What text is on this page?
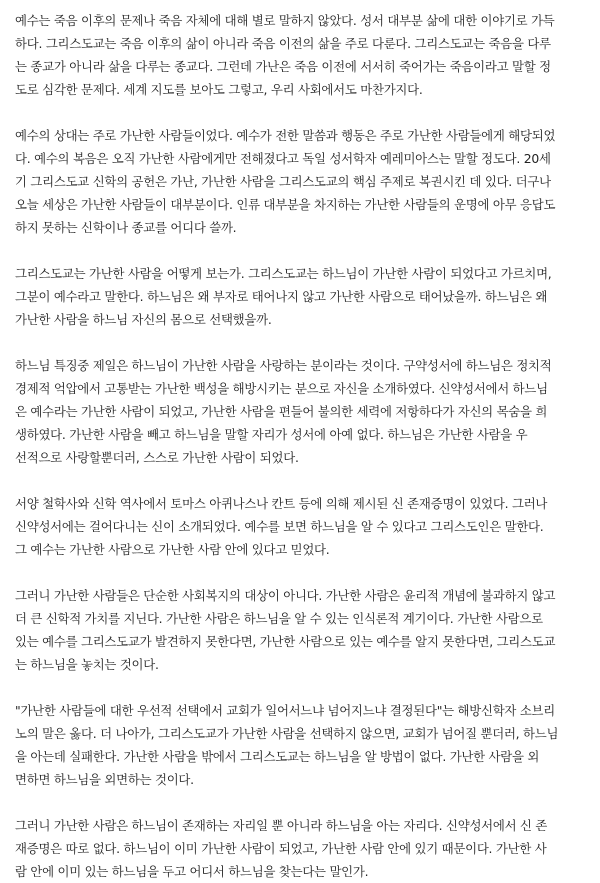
예수는 죽음 이후의 문제나 죽음 자체에 대해 별로 말하지 않았다. 성서 대부분 삶에 대한 이야기로 가득
하다. 그리스도교는 죽음 이후의 삶이 아니라 죽음 이전의 삶을 주로 다룬다. 그리스도교는 죽음을 다루
는 종교가 아니라 삶을 다루는 종교다. 그런데 가난은 죽음 이전에 서서히 죽어가는 죽음이라고 말할 정
도로 심각한 문제다. 세계 지도를 보아도 그렇고, 우리 사회에서도 마찬가지다.
예수의 상대는 주로 가난한 사람들이었다. 예수가 전한 말씀과 행동은 주로 가난한 사람들에게 해당되었
다. 예수의 복음은 오직 가난한 사람에게만 전해졌다고 독일 성서학자 예레미아스는 말할 정도다. 20세
기 그리스도교 신학의 공헌은 가난, 가난한 사람을 그리스도교의 핵심 주제로 복권시킨 데 있다. 더구나
오늘 세상은 가난한 사람들이 대부분이다. 인류 대부분을 차지하는 가난한 사람들의 운명에 아무 응답도
하지 못하는 신학이나 종교를 어디다 쓸까.
그리스도교는 가난한 사람을 어떻게 보는가. 그리스도교는 하느님이 가난한 사람이 되었다고 가르치며,
그분이 예수라고 말한다. 하느님은 왜 부자로 태어나지 않고 가난한 사람으로 태어났을까. 하느님은 왜
가난한 사람을 하느님 자신의 몸으로 선택했을까.
하느님 특징중 제일은 하느님이 가난한 사람을 사랑하는 분이라는 것이다. 구약성서에 하느님은 정치적
경제적 억압에서 고통받는 가난한 백성을 해방시키는 분으로 자신을 소개하였다. 신약성서에서 하느님
은 예수라는 가난한 사람이 되었고, 가난한 사람을 편들어 불의한 세력에 저항하다가 자신의 목숨을 희
생하였다. 가난한 사람을 빼고 하느님을 말할 자리가 성서에 아예 없다. 하느님은 가난한 사람을 우
선적으로 사랑할뿐더러, 스스로 가난한 사람이 되었다.
서양 철학사와 신학 역사에서 토마스 아퀴나스나 칸트 등에 의해 제시된 신 존재증명이 있었다. 그러나
신약성서에는 걸어다니는 신이 소개되었다. 예수를 보면 하느님을 알 수 있다고 그리스도인은 말한다.
그 예수는 가난한 사람으로 가난한 사람 안에 있다고 믿었다.
그러니 가난한 사람들은 단순한 사회복지의 대상이 아니다. 가난한 사람은 윤리적 개념에 불과하지 않고
더 큰 신학적 가치를 지닌다. 가난한 사람은 하느님을 알 수 있는 인식론적 계기이다. 가난한 사람으로
있는 예수를 그리스도교가 발견하지 못한다면, 가난한 사람으로 있는 예수를 알지 못한다면, 그리스도교
는 하느님을 놓치는 것이다.
"가난한 사람들에 대한 우선적 선택에서 교회가 일어서느냐 넘어지느냐 결정된다"는 해방신학자 소브리
노의 말은 옳다. 더 나아가, 그리스도교가 가난한 사람을 선택하지 않으면, 교회가 넘어질 뿐더러, 하느님
을 아는데 실패한다. 가난한 사람을 밖에서 그리스도교는 하느님을 알 방법이 없다. 가난한 사람을 외
면하면 하느님을 외면하는 것이다.
그러니 가난한 사람은 하느님이 존재하는 자리일 뿐 아니라 하느님을 아는 자리다. 신약성서에서 신 존
재증명은 따로 없다. 하느님이 이미 가난한 사람이 되었고, 가난한 사람 안에 있기 때문이다. 가난한 사
람 안에 이미 있는 하느님을 두고 어디서 하느님을 찾는다는 말인가.
